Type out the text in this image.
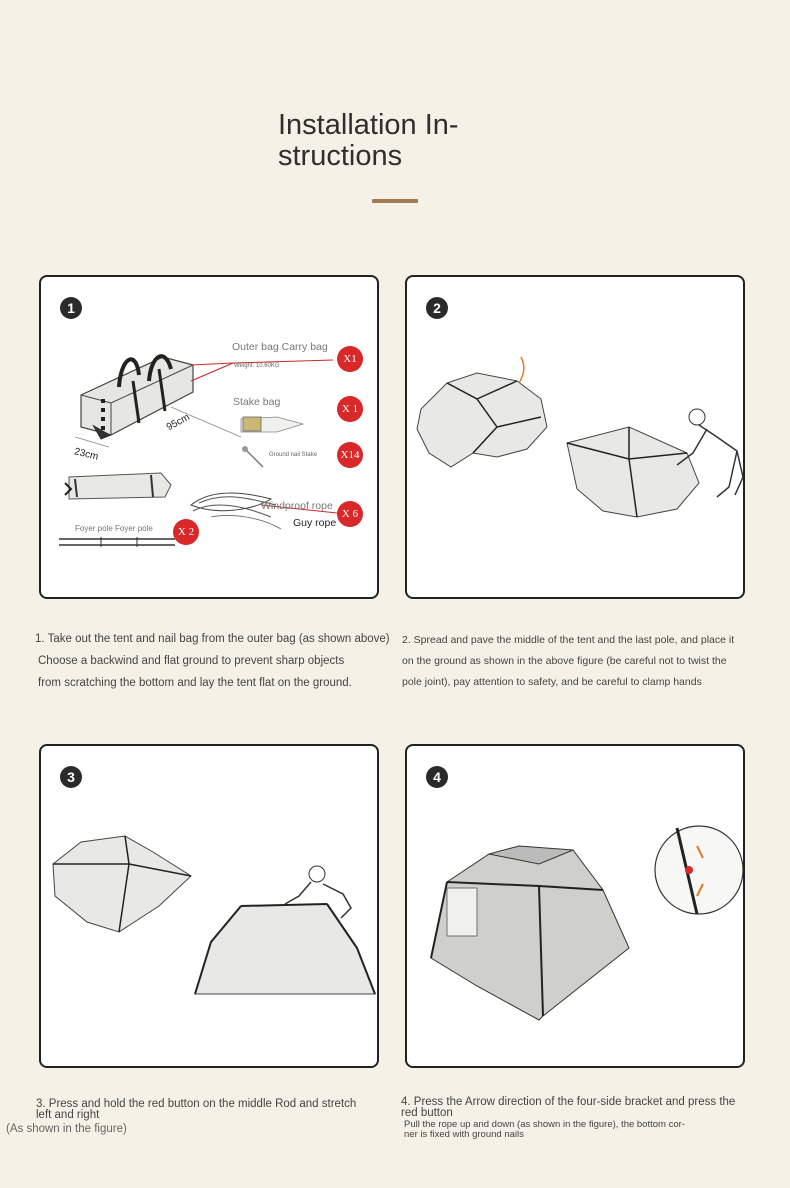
Installation In-
structions
1
Outer bag Carry bag
Weight: 10.60KG
Stake bag
Ground nail Stake
Windproof rope
Guy rope
Foyer pole Foyer pole
95cm
23cm
X1
X 1
X14
X 6
X 2
2
1. Take out the tent and nail bag from the outer bag (as shown above)
Choose a backwind and flat ground to prevent sharp objects
from scratching the bottom and lay the tent flat on the ground.
2. Spread and pave the middle of the tent and the last pole, and place it
on the ground as shown in the above figure (be careful not to twist the
pole joint), pay attention to safety, and be careful to clamp hands
3	4
3. Press and hold the red button on the middle Rod and stretch left and right
(As shown in the figure)
4. Press the Arrow direction of the four-side bracket and press the red button
Pull the rope up and down (as shown in the figure), the bottom cor-
ner is fixed with ground nails
